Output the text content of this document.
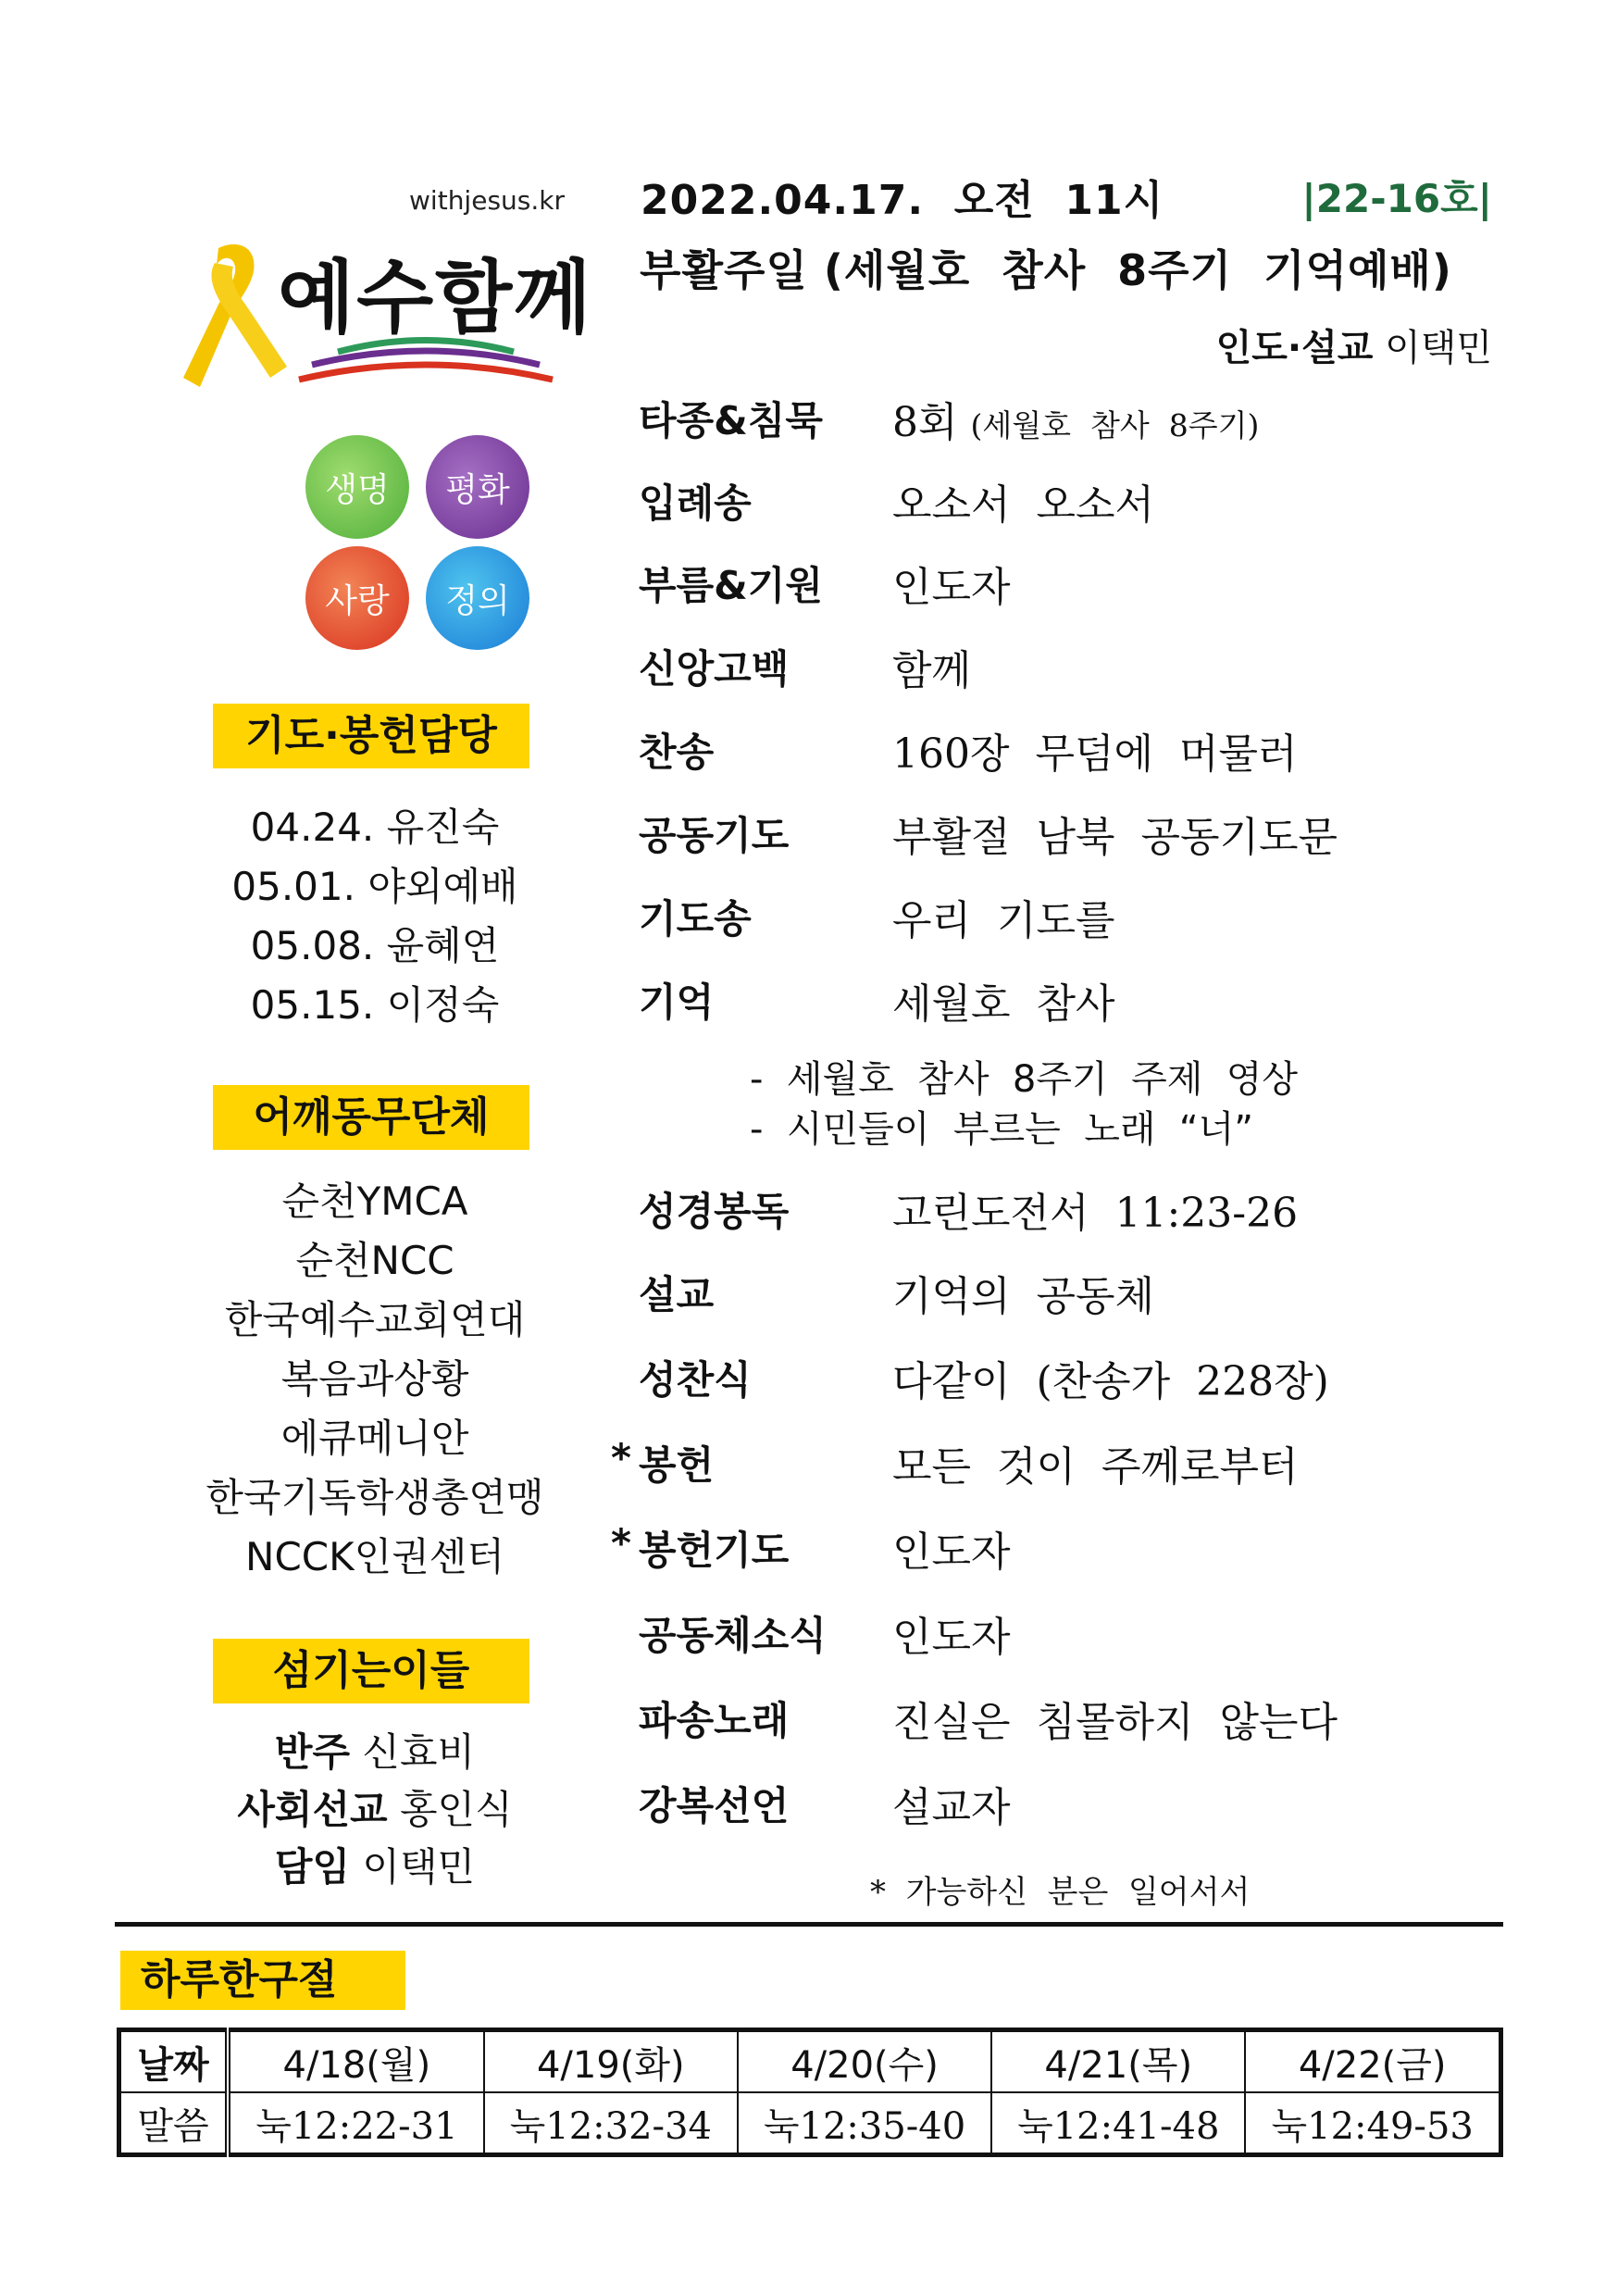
withjesus.kr
예수함께
생명	평화
사랑	정의
기도·봉헌담당
04.24. 유진숙
05.01. 야외예배
05.08. 윤혜연
05.15. 이정숙
어깨동무단체
순천YMCA
순천NCC
한국예수교회연대
복음과상황
에큐메니안
한국기독학생총연맹
NCCK인권센터
섬기는이들
반주 신효비
사회선교 홍인식
담임 이택민
2022.04.17.  오전  11시	|22-16호|
부활주일 (세월호  참사  8주기  기억예배)
인도·설교 이택민
타종&침묵	8회 (세월호  참사  8주기)
입례송	오소서  오소서
부름&기원	인도자
신앙고백	함께
찬송	160장  무덤에  머물러
공동기도	부활절  남북  공동기도문
기도송	우리  기도를
기억	세월호  참사
-  세월호  참사  8주기  주제  영상
-  시민들이  부르는  노래  “너”
성경봉독	고린도전서  11:23-26
설교	기억의  공동체
성찬식	다같이  (찬송가  228장)
* 봉헌	모든  것이  주께로부터
* 봉헌기도	인도자
공동체소식	인도자
파송노래	진실은  침몰하지  않는다
강복선언	설교자
*  가능하신  분은  일어서서
하루한구절
날짜	4/18(월)	4/19(화)	4/20(수)	4/21(목)	4/22(금)
말씀	눅12:22-31	눅12:32-34	눅12:35-40	눅12:41-48	눅12:49-53
